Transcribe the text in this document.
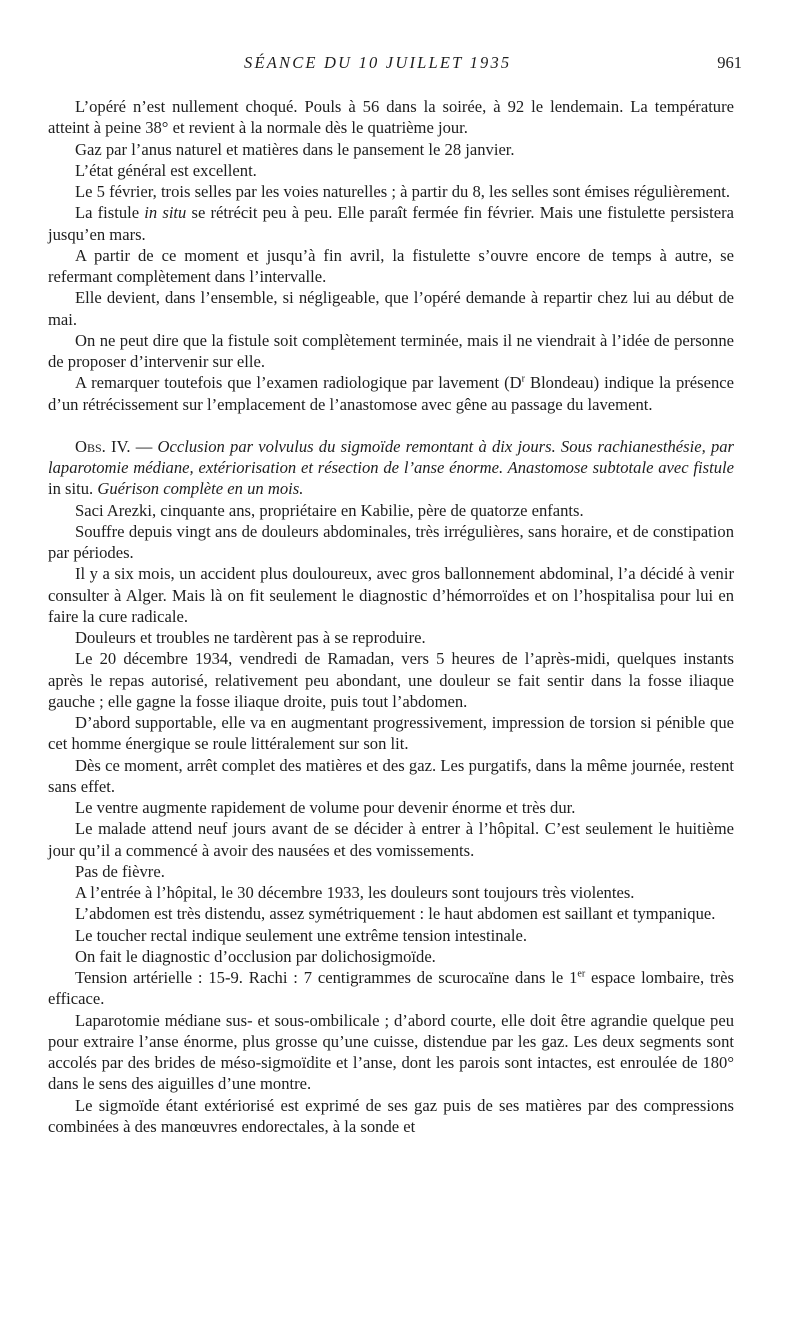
SÉANCE DU 10 JUILLET 1935	961

L’opéré n’est nullement choqué. Pouls à 56 dans la soirée, à 92 le lendemain. La température atteint à peine 38° et revient à la normale dès le quatrième jour.

Gaz par l’anus naturel et matières dans le pansement le 28 janvier.

L’état général est excellent.

Le 5 février, trois selles par les voies naturelles ; à partir du 8, les selles sont émises régulièrement.

La fistule in situ se rétrécit peu à peu. Elle paraît fermée fin février. Mais une fistulette persistera jusqu’en mars.

A partir de ce moment et jusqu’à fin avril, la fistulette s’ouvre encore de temps à autre, se refermant complètement dans l’intervalle.

Elle devient, dans l’ensemble, si négligeable, que l’opéré demande à repartir chez lui au début de mai.

On ne peut dire que la fistule soit complètement terminée, mais il ne viendrait à l’idée de personne de proposer d’intervenir sur elle.

A remarquer toutefois que l’examen radiologique par lavement ($D^r$ Blondeau) indique la présence d’un rétrécissement sur l’emplacement de l’anastomose avec gêne au passage du lavement.

Obs. IV. — Occlusion par volvulus du sigmoïde remontant à dix jours. Sous rachianesthésie, par laparotomie médiane, extériorisation et résection de l’anse énorme. Anastomose subtotale avec fistule in situ. Guérison complète en un mois.

Saci Arezki, cinquante ans, propriétaire en Kabilie, père de quatorze enfants.

Souffre depuis vingt ans de douleurs abdominales, très irrégulières, sans horaire, et de constipation par périodes.

Il y a six mois, un accident plus douloureux, avec gros ballonnement abdominal, l’a décidé à venir consulter à Alger. Mais là on fit seulement le diagnostic d’hémorroïdes et on l’hospitalisa pour lui en faire la cure radicale.

Douleurs et troubles ne tardèrent pas à se reproduire.

Le 20 décembre 1934, vendredi de Ramadan, vers 5 heures de l’après-midi, quelques instants après le repas autorisé, relativement peu abondant, une douleur se fait sentir dans la fosse iliaque gauche ; elle gagne la fosse iliaque droite, puis tout l’abdomen.

D’abord supportable, elle va en augmentant progressivement, impression de torsion si pénible que cet homme énergique se roule littéralement sur son lit.

Dès ce moment, arrêt complet des matières et des gaz. Les purgatifs, dans la même journée, restent sans effet.

Le ventre augmente rapidement de volume pour devenir énorme et très dur.

Le malade attend neuf jours avant de se décider à entrer à l’hôpital. C’est seulement le huitième jour qu’il a commencé à avoir des nausées et des vomissements.

Pas de fièvre.

A l’entrée à l’hôpital, le 30 décembre 1933, les douleurs sont toujours très violentes.

L’abdomen est très distendu, assez symétriquement : le haut abdomen est saillant et tympanique.

Le toucher rectal indique seulement une extrême tension intestinale.

On fait le diagnostic d’occlusion par dolichosigmoïde.

Tension artérielle : 15-9. Rachi : 7 centigrammes de scurocaïne dans le 1er espace lombaire, très efficace.

Laparotomie médiane sus- et sous-ombilicale ; d’abord courte, elle doit être agrandie quelque peu pour extraire l’anse énorme, plus grosse qu’une cuisse, distendue par les gaz. Les deux segments sont accolés par des brides de méso-sigmoïdite et l’anse, dont les parois sont intactes, est enroulée de 180° dans le sens des aiguilles d’une montre.

Le sigmoïde étant extériorisé est exprimé de ses gaz puis de ses matières par des compressions combinées à des manœuvres endorectales, à la sonde et
